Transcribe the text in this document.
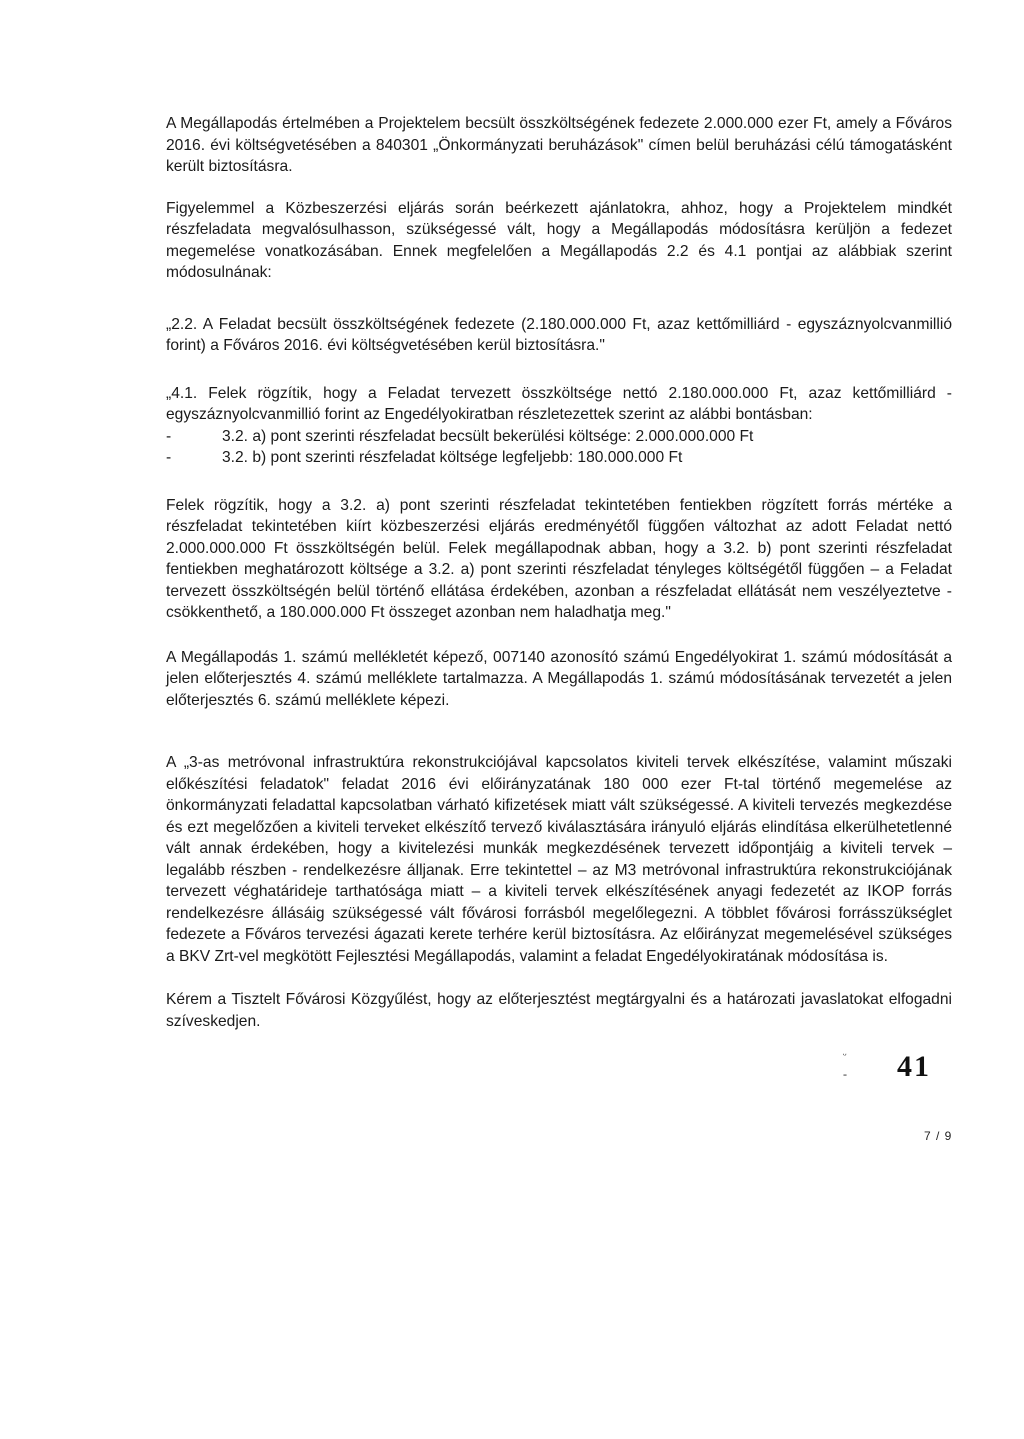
A Megállapodás értelmében a Projektelem becsült összköltségének fedezete 2.000.000 ezer Ft, amely a Főváros 2016. évi költségvetésében a 840301 „Önkormányzati beruházások" címen belül beruházási célú támogatásként került biztosításra.

Figyelemmel a Közbeszerzési eljárás során beérkezett ajánlatokra, ahhoz, hogy a Projektelem mindkét részfeladata megvalósulhasson, szükségessé vált, hogy a Megállapodás módosításra kerüljön a fedezet megemelése vonatkozásában. Ennek megfelelően a Megállapodás 2.2 és 4.1 pontjai az alábbiak szerint módosulnának:

„2.2. A Feladat becsült összköltségének fedezete (2.180.000.000 Ft, azaz kettőmilliárd - egyszáznyolcvanmillió forint) a Főváros 2016. évi költségvetésében kerül biztosításra."

„4.1. Felek rögzítik, hogy a Feladat tervezett összköltsége nettó 2.180.000.000 Ft, azaz kettőmilliárd -egyszáznyolcvanmillió forint az Engedélyokiratban részletezettek szerint az alábbi bontásban:

-	3.2. a) pont szerinti részfeladat becsült bekerülési költsége: 2.000.000.000 Ft
-	3.2. b) pont szerinti részfeladat költsége legfeljebb: 180.000.000 Ft

Felek rögzítik, hogy a 3.2. a) pont szerinti részfeladat tekintetében fentiekben rögzített forrás mértéke a részfeladat tekintetében kiírt közbeszerzési eljárás eredményétől függően változhat az adott Feladat nettó 2.000.000.000 Ft összköltségén belül. Felek megállapodnak abban, hogy a 3.2. b) pont szerinti részfeladat fentiekben meghatározott költsége a 3.2. a) pont szerinti részfeladat tényleges költségétől függően – a Feladat tervezett összköltségén belül történő ellátása érdekében, azonban a részfeladat ellátását nem veszélyeztetve - csökkenthető, a 180.000.000 Ft összeget azonban nem haladhatja meg."

A Megállapodás 1. számú mellékletét képező, 007140 azonosító számú Engedélyokirat 1. számú módosítását a jelen előterjesztés 4. számú melléklete tartalmazza. A Megállapodás 1. számú módosításának tervezetét a jelen előterjesztés 6. számú melléklete képezi.

A „3-as metróvonal infrastruktúra rekonstrukciójával kapcsolatos kiviteli tervek elkészítése, valamint műszaki előkészítési feladatok" feladat 2016 évi előirányzatának 180 000 ezer Ft-tal történő megemelése az önkormányzati feladattal kapcsolatban várható kifizetések miatt vált szükségessé. A kiviteli tervezés megkezdése és ezt megelőzően a kiviteli terveket elkészítő tervező kiválasztására irányuló eljárás elindítása elkerülhetetlenné vált annak érdekében, hogy a kivitelezési munkák megkezdésének tervezett időpontjáig a kiviteli tervek – legalább részben - rendelkezésre álljanak. Erre tekintettel – az M3 metróvonal infrastruktúra rekonstrukciójának tervezett véghatárideje tarthatósága miatt – a kiviteli tervek elkészítésének anyagi fedezetét az IKOP forrás rendelkezésre állásáig szükségessé vált fővárosi forrásból megelőlegezni. A többlet fővárosi forrásszükséglet fedezete a Főváros tervezési ágazati kerete terhére kerül biztosításra. Az előirányzat megemelésével szükséges a BKV Zrt-vel megkötött Fejlesztési Megállapodás, valamint a feladat Engedélyokiratának módosítása is.

Kérem a Tisztelt Fővárosi Közgyűlést, hogy az előterjesztést megtárgyalni és a határozati javaslatokat elfogadni szíveskedjen.

ᵕ
- 41
7 / 9
